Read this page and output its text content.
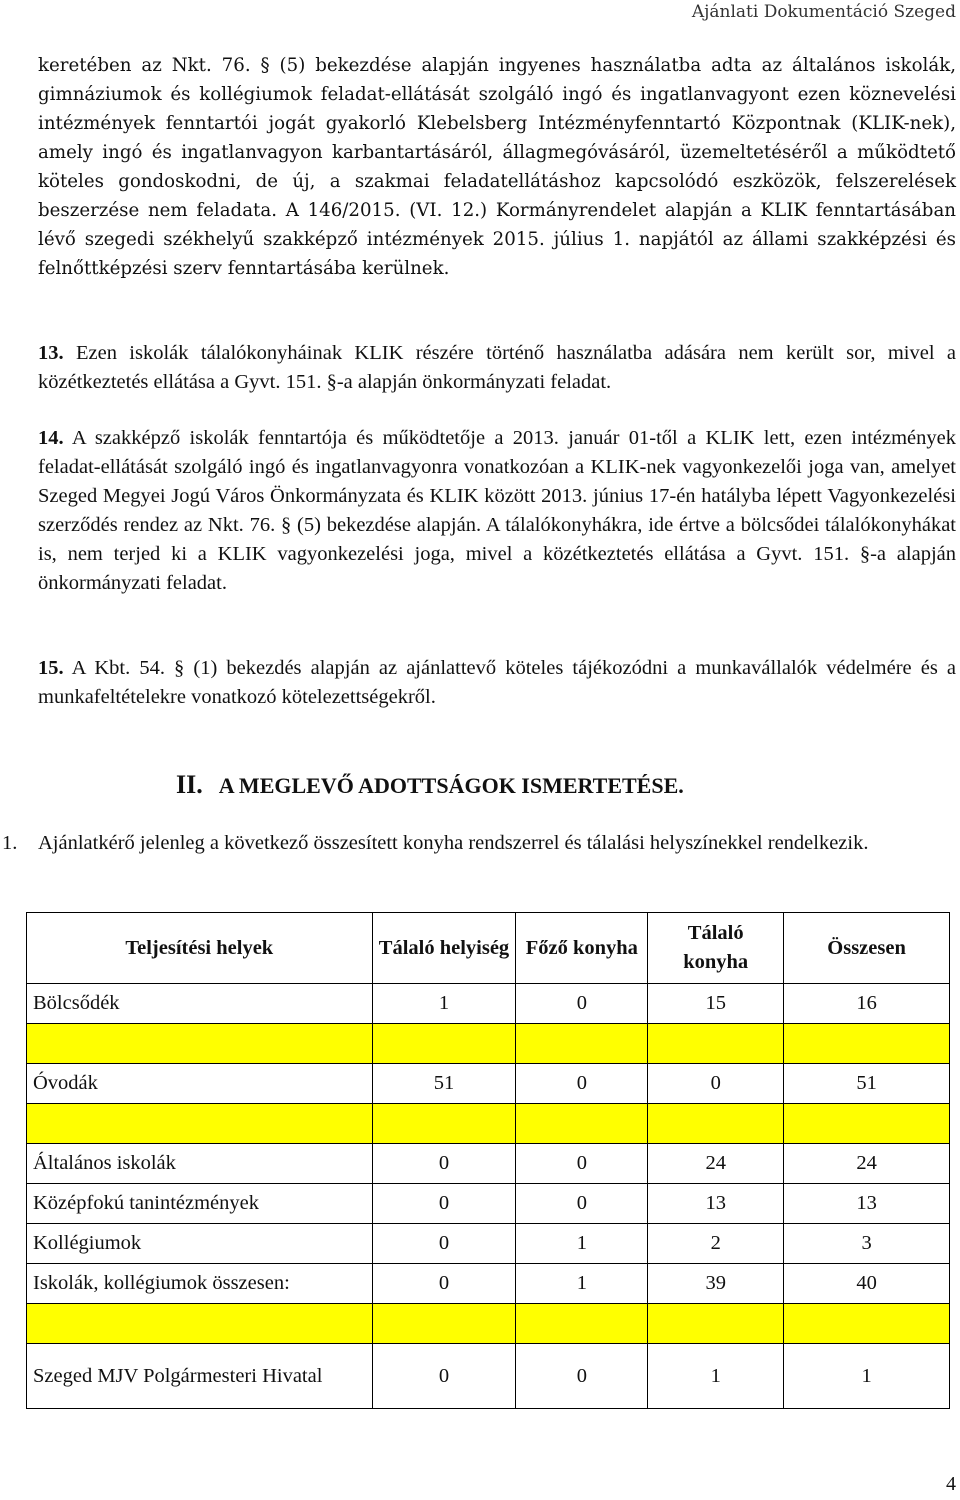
Ajánlati Dokumentáció Szeged
keretében az Nkt. 76. § (5) bekezdése alapján ingyenes használatba adta az általános iskolák, gimnáziumok és kollégiumok feladat-ellátását szolgáló ingó és ingatlanvagyont ezen köznevelési intézmények fenntartói jogát gyakorló Klebelsberg Intézményfenntartó Központnak (KLIK-nek), amely ingó és ingatlanvagyon karbantartásáról, állagmegóvásáról, üzemeltetéséről a működtető köteles gondoskodni, de új, a szakmai feladatellátáshoz kapcsolódó eszközök, felszerelések beszerzése nem feladata. A 146/2015. (VI. 12.) Kormányrendelet alapján a KLIK fenntartásában lévő szegedi székhelyű szakképző intézmények 2015. július 1. napjától az állami szakképzési és felnőttképzési szerv fenntartásába kerülnek.
13. Ezen iskolák tálalókonyháinak KLIK részére történő használatba adására nem került sor, mivel a közétkeztetés ellátása a Gyvt. 151. §-a alapján önkormányzati feladat.
14. A szakképző iskolák fenntartója és működtetője a 2013. január 01-től a KLIK lett, ezen intézmények feladat-ellátását szolgáló ingó és ingatlanvagyonra vonatkozóan a KLIK-nek vagyonkezelői joga van, amelyet Szeged Megyei Jogú Város Önkormányzata és KLIK között 2013. június 17-én hatályba lépett Vagyonkezelési szerződés rendez az Nkt. 76. § (5) bekezdése alapján. A tálalókonyhákra, ide értve a bölcsődei tálalókonyhákat is, nem terjed ki a KLIK vagyonkezelési joga, mivel a közétkeztetés ellátása a Gyvt. 151. §-a alapján önkormányzati feladat.
15. A Kbt. 54. § (1) bekezdés alapján az ajánlattevő köteles tájékozódni a munkavállalók védelmére és a munkafeltételekre vonatkozó kötelezettségekről.
II. A MEGLEVŐ ADOTTSÁGOK ISMERTETÉSE.
1. Ajánlatkérő jelenleg a következő összesített konyha rendszerrel és tálalási helyszínekkel rendelkezik.
Teljesítési helyek	Tálaló helyiség	Főző konyha	Tálaló konyha	Összesen
Bölcsődék	1	0	15	16

Óvodák	51	0	0	51

Általános iskolák	0	0	24	24
Középfokú tanintézmények	0	0	13	13
Kollégiumok	0	1	2	3
Iskolák, kollégiumok összesen:	0	1	39	40

Szeged MJV Polgármesteri Hivatal	0	0	1	1
4
